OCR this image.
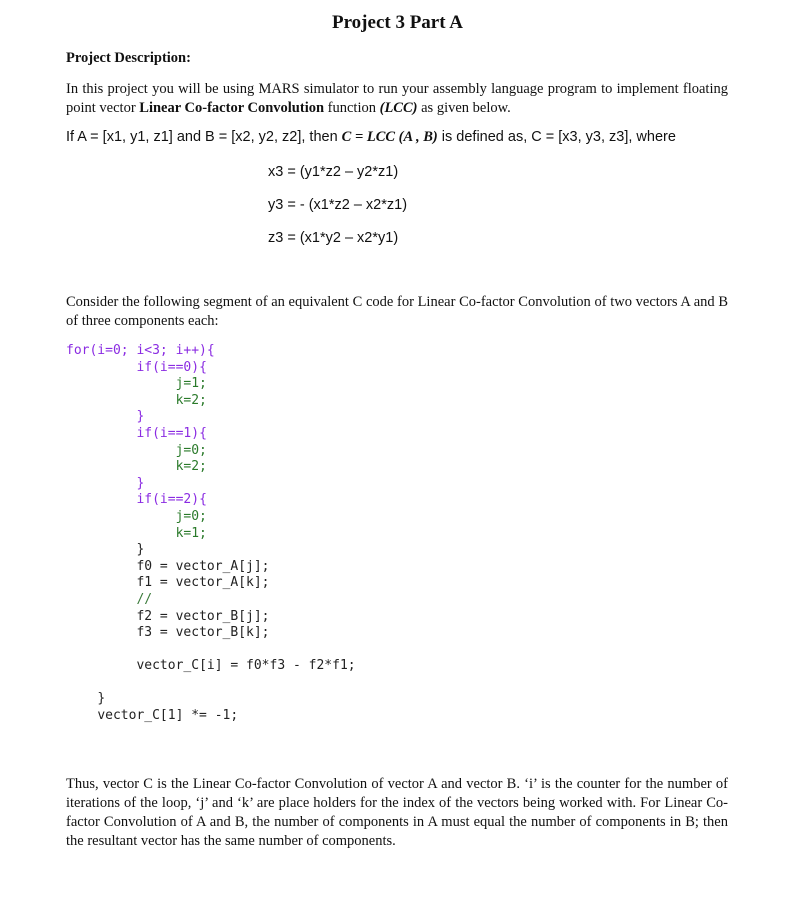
Project 3 Part A
Project Description:
In this project you will be using MARS simulator to run your assembly language program to implement floating point vector Linear Co-factor Convolution function (LCC) as given below.
If A = [x1, y1, z1] and B = [x2, y2, z2], then C = LCC (A , B) is defined as, C = [x3, y3, z3], where
x3 = (y1*z2 – y2*z1)
y3 = - (x1*z2 – x2*z1)
z3 = (x1*y2 – x2*y1)
Consider the following segment of an equivalent C code for Linear Co-factor Convolution of two vectors A and B of three components each:
for(i=0; i<3; i++){
if(i==0){
j=1;
k=2;
}
if(i==1){
j=0;
k=2;
}
if(i==2){
j=0;
k=1;
}
f0 = vector_A[j];
f1 = vector_A[k];
//
f2 = vector_B[j];
f3 = vector_B[k];

vector_C[i] = f0*f3 - f2*f1;

}
vector_C[1] *= -1;
Thus, vector C is the Linear Co-factor Convolution of vector A and vector B. ‘i’ is the counter for the number of iterations of the loop, ‘j’ and ‘k’ are place holders for the index of the vectors being worked with. For Linear Co-factor Convolution of A and B, the number of components in A must equal the number of components in B; then the resultant vector has the same number of components.
